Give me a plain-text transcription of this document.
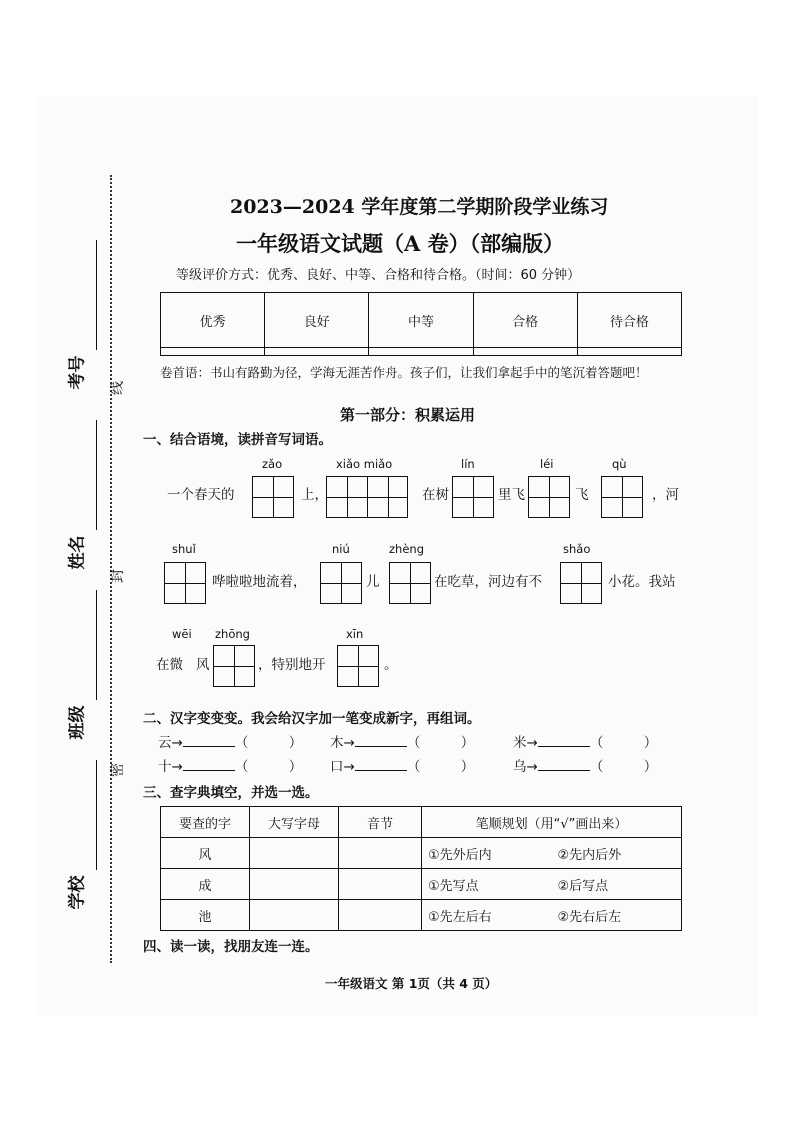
考号
姓名
班级
学校
线
封
密
2023—2024 学年度第二学期阶段学业练习
一年级语文试题（A 卷）（部编版）
等级评价方式：优秀、良好、中等、合格和待合格。（时间：60 分钟）
优秀	良好	中等	合格	待合格

卷首语：书山有路勤为径，学海无涯苦作舟。孩子们，让我们拿起手中的笔沉着答题吧！
第一部分：积累运用
一、结合语境，读拼音写词语。
zǎo	xiǎo miǎo	lín	léi	qù
一个春天的	上，	在树	里飞	飞	，河
shuǐ	niú	zhèng	shǎo
哗啦啦地流着，	儿	在吃草，河边有不	小花。我站
wēi zhōng	xīn
在微 风	，特别地开	。
二、汉字变变变。我会给汉字加一笔变成新字，再组词。
云→	（　　　） 木→	（　　　）	米→	（　　　）
十→	（　　　） 口→	（　　　）	乌→	（　　　）
三、查字典填空，并选一选。
要查的字	大写字母	音节	笔顺规划（用“√”画出来）	
风			①先外后内	②先内后外
成			①先写点	②后写点
池			①先左后右	②先右后左
四、读一读，找朋友连一连。
一年级语文 第 1页（共 4 页）
